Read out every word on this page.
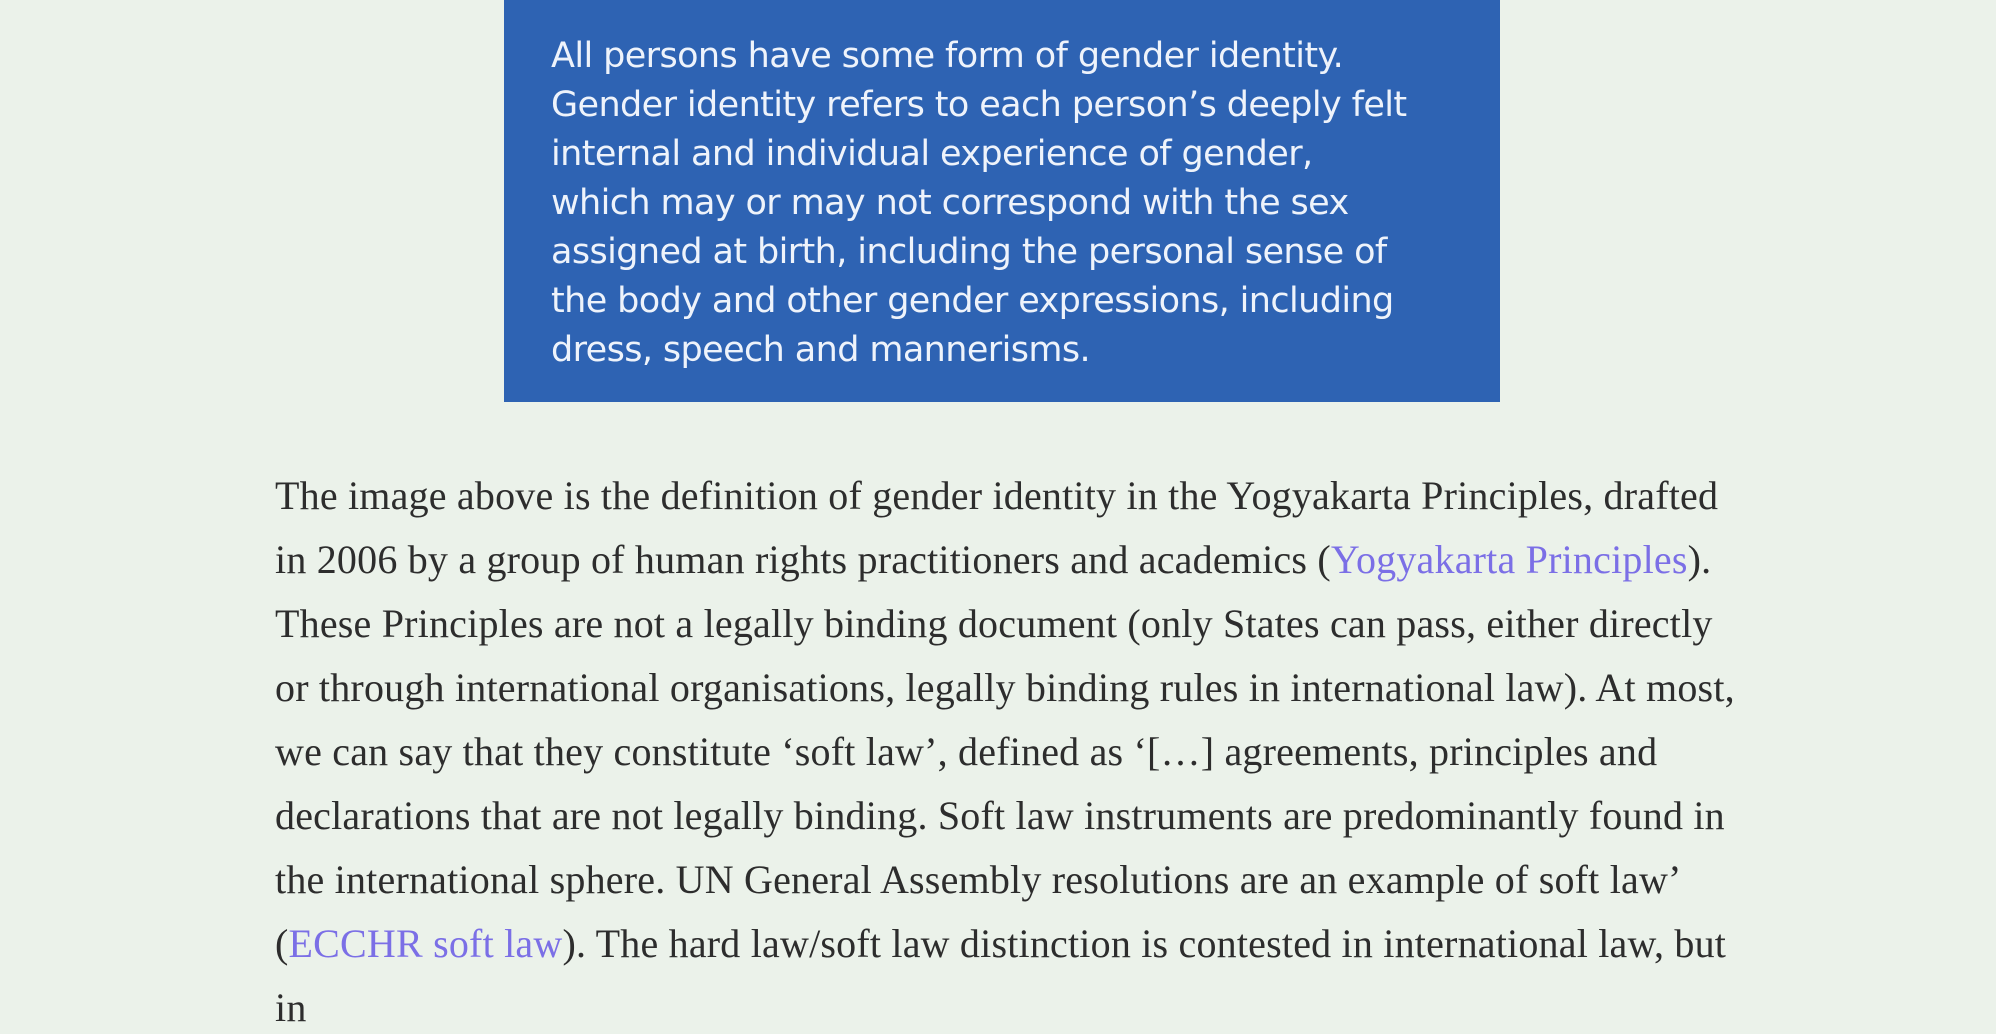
All persons have some form of gender identity.
Gender identity refers to each person’s deeply felt
internal and individual experience of gender,
which may or may not correspond with the sex
assigned at birth, including the personal sense of
the body and other gender expressions, including
dress, speech and mannerisms.

The image above is the definition of gender identity in the Yogyakarta Principles, drafted in 2006 by a group of human rights practitioners and academics (Yogyakarta Principles). These Principles are not a legally binding document (only States can pass, either directly or through international organisations, legally binding rules in international law). At most, we can say that they constitute ‘soft law’, defined as ‘[…] agreements, principles and declarations that are not legally binding. Soft law instruments are predominantly found in the international sphere. UN General Assembly resolutions are an example of soft law’ (ECCHR soft law). The hard law/soft law distinction is contested in international law, but in
